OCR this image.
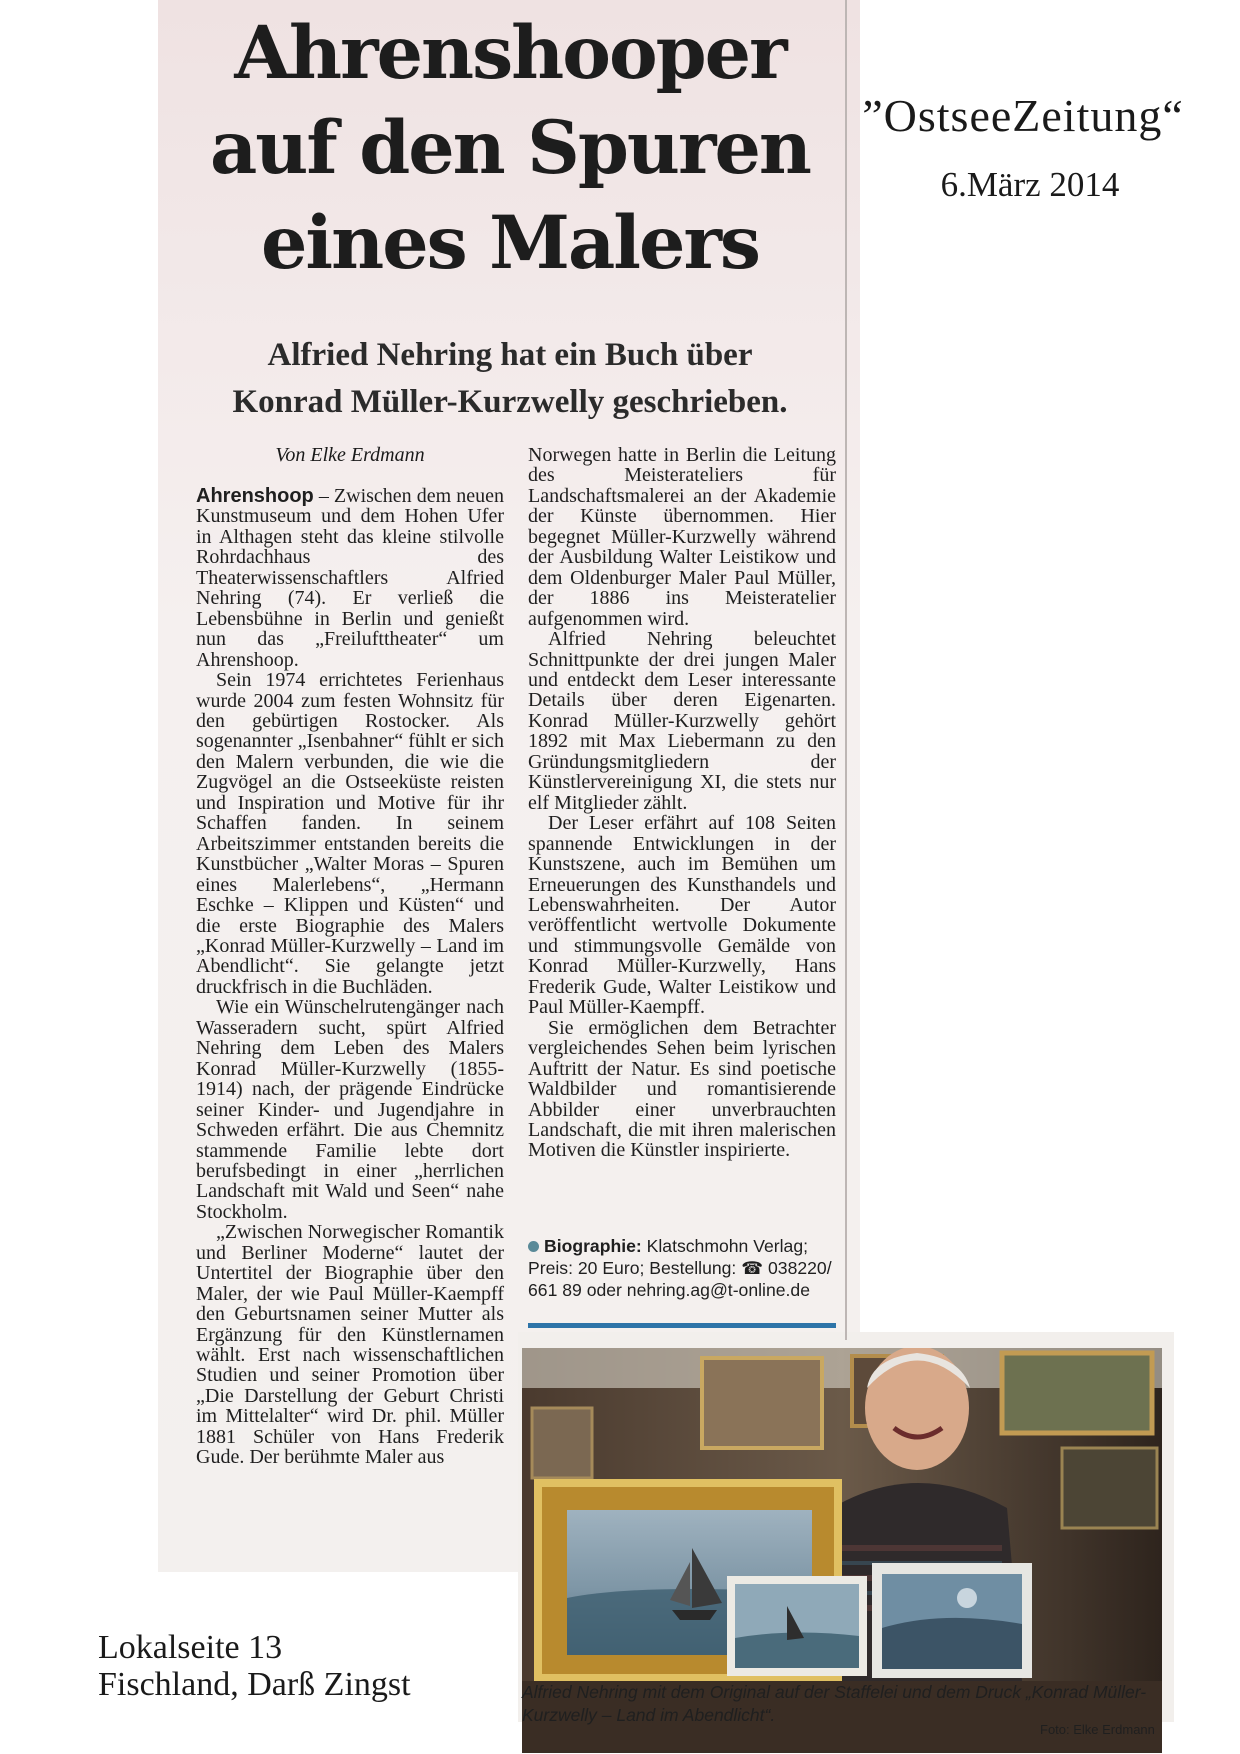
Ahrenshooper
auf den Spuren
eines Malers
Alfried Nehring hat ein Buch über
Konrad Müller-Kurzwelly geschrieben.
”OstseeZeitung“
6.März 2014
Von Elke Erdmann

Ahrenshoop – Zwischen dem neuen Kunstmuseum und dem Hohen Ufer in Althagen steht das kleine stilvolle Rohrdachhaus des Theaterwissenschaftlers Alfried Nehring (74). Er verließ die Lebensbühne in Berlin und genießt nun das „Freilufttheater“ um Ahrenshoop.

Sein 1974 errichtetes Ferienhaus wurde 2004 zum festen Wohnsitz für den gebürtigen Rostocker. Als sogenannter „Isenbahner“ fühlt er sich den Malern verbunden, die wie die Zugvögel an die Ostseeküste reisten und Inspiration und Motive für ihr Schaffen fanden. In seinem Arbeitszimmer entstanden bereits die Kunstbücher „Walter Moras – Spuren eines Malerlebens“, „Hermann Eschke – Klippen und Küsten“ und die erste Biographie des Malers „Konrad Müller-Kurzwelly – Land im Abendlicht“. Sie gelangte jetzt druckfrisch in die Buchläden.

Wie ein Wünschelrutengänger nach Wasseradern sucht, spürt Alfried Nehring dem Leben des Malers Konrad Müller-Kurzwelly (1855-1914) nach, der prägende Eindrücke seiner Kinder- und Jugendjahre in Schweden erfährt. Die aus Chemnitz stammende Familie lebte dort berufsbedingt in einer „herrlichen Landschaft mit Wald und Seen“ nahe Stockholm.

„Zwischen Norwegischer Romantik und Berliner Moderne“ lautet der Untertitel der Biographie über den Maler, der wie Paul Müller-Kaempff den Geburtsnamen seiner Mutter als Ergänzung für den Künstlernamen wählt. Erst nach wissenschaftlichen Studien und seiner Promotion über „Die Darstellung der Geburt Christi im Mittelalter“ wird Dr. phil. Müller 1881 Schüler von Hans Frederik Gude. Der berühmte Maler aus

Norwegen hatte in Berlin die Leitung des Meisterateliers für Landschaftsmalerei an der Akademie der Künste übernommen. Hier begegnet Müller-Kurzwelly während der Ausbildung Walter Leistikow und dem Oldenburger Maler Paul Müller, der 1886 ins Meisteratelier aufgenommen wird.

Alfried Nehring beleuchtet Schnittpunkte der drei jungen Maler und entdeckt dem Leser interessante Details über deren Eigenarten. Konrad Müller-Kurzwelly gehört 1892 mit Max Liebermann zu den Gründungsmitgliedern der Künstlervereinigung XI, die stets nur elf Mitglieder zählt.

Der Leser erfährt auf 108 Seiten spannende Entwicklungen in der Kunstszene, auch im Bemühen um Erneuerungen des Kunsthandels und Lebenswahrheiten. Der Autor veröffentlicht wertvolle Dokumente und stimmungsvolle Gemälde von Konrad Müller-Kurzwelly, Hans Frederik Gude, Walter Leistikow und Paul Müller-Kaempff.

Sie ermöglichen dem Betrachter vergleichendes Sehen beim lyrischen Auftritt der Natur. Es sind poetische Waldbilder und romantisierende Abbilder einer unverbrauchten Landschaft, die mit ihren malerischen Motiven die Künstler inspirierte.

Biographie: Klatschmohn Verlag; Preis: 20 Euro; Bestellung: ☎ 038220/ 661 89 oder nehring.ag@t-online.de
Alfried Nehring mit dem Original auf der Staffelei und dem Druck „Konrad Müller-Kurzwelly – Land im Abendlicht“.
Foto: Elke Erdmann
Lokalseite 13
Fischland, Darß Zingst
